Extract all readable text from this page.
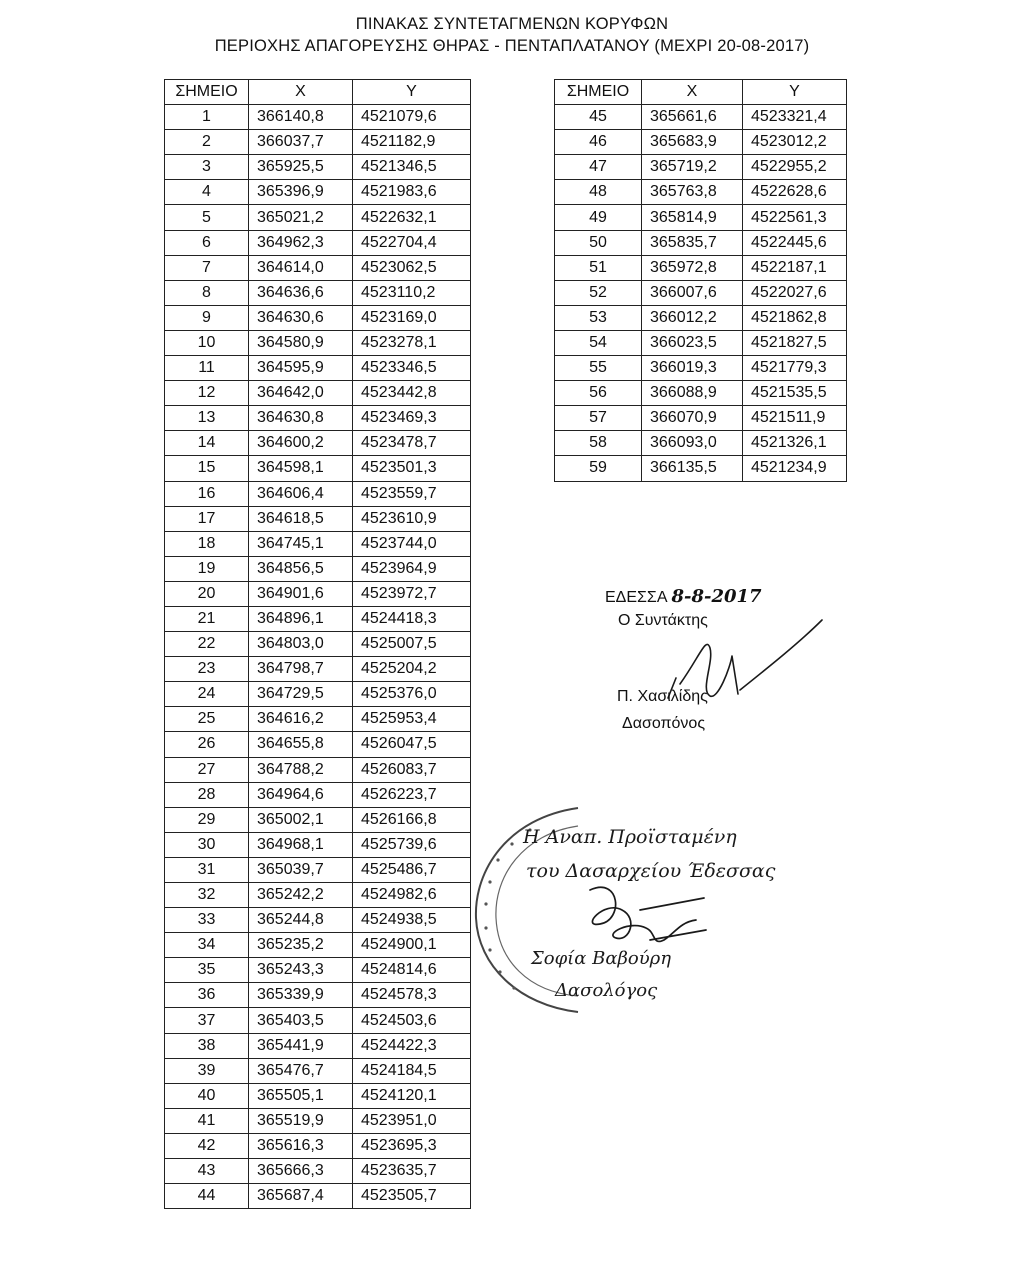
ΠΙΝΑΚΑΣ ΣΥΝΤΕΤΑΓΜΕΝΩΝ ΚΟΡΥΦΩΝ
ΠΕΡΙΟΧΗΣ ΑΠΑΓΟΡΕΥΣΗΣ ΘΗΡΑΣ - ΠΕΝΤΑΠΛΑΤΑΝΟΥ (ΜΕΧΡΙ 20-08-2017)
ΣΗΜΕΙΟ	X	Y
1	366140,8	4521079,6
2	366037,7	4521182,9
3	365925,5	4521346,5
4	365396,9	4521983,6
5	365021,2	4522632,1
6	364962,3	4522704,4
7	364614,0	4523062,5
8	364636,6	4523110,2
9	364630,6	4523169,0
10	364580,9	4523278,1
11	364595,9	4523346,5
12	364642,0	4523442,8
13	364630,8	4523469,3
14	364600,2	4523478,7
15	364598,1	4523501,3
16	364606,4	4523559,7
17	364618,5	4523610,9
18	364745,1	4523744,0
19	364856,5	4523964,9
20	364901,6	4523972,7
21	364896,1	4524418,3
22	364803,0	4525007,5
23	364798,7	4525204,2
24	364729,5	4525376,0
25	364616,2	4525953,4
26	364655,8	4526047,5
27	364788,2	4526083,7
28	364964,6	4526223,7
29	365002,1	4526166,8
30	364968,1	4525739,6
31	365039,7	4525486,7
32	365242,2	4524982,6
33	365244,8	4524938,5
34	365235,2	4524900,1
35	365243,3	4524814,6
36	365339,9	4524578,3
37	365403,5	4524503,6
38	365441,9	4524422,3
39	365476,7	4524184,5
40	365505,1	4524120,1
41	365519,9	4523951,0
42	365616,3	4523695,3
43	365666,3	4523635,7
44	365687,4	4523505,7
ΣΗΜΕΙΟ	X	Y
45	365661,6	4523321,4
46	365683,9	4523012,2
47	365719,2	4522955,2
48	365763,8	4522628,6
49	365814,9	4522561,3
50	365835,7	4522445,6
51	365972,8	4522187,1
52	366007,6	4522027,6
53	366012,2	4521862,8
54	366023,5	4521827,5
55	366019,3	4521779,3
56	366088,9	4521535,5
57	366070,9	4521511,9
58	366093,0	4521326,1
59	366135,5	4521234,9
ΕΔΕΣΣΑ 8-8-2017
Ο Συντάκτης
Π. Χασιλίδης
Δασοπόνος
Η Αναπ. Προϊσταμένη
του Δασαρχείου Έδεσσας
Σοφία Βαβούρη
Δασολόγος
